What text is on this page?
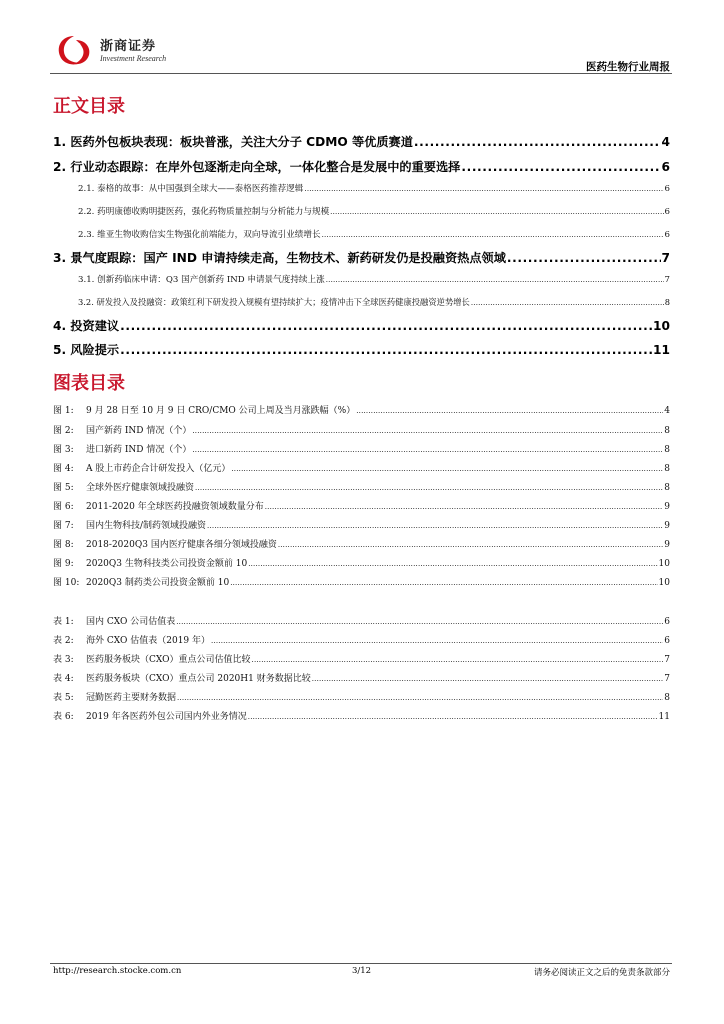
浙商证券
Investment Research
医药生物行业周报
正文目录
1. 医药外包板块表现：板块普涨，关注大分子 CDMO 等优质赛道 .....	4
2. 行业动态跟踪：在岸外包逐渐走向全球，一体化整合是发展中的重要选择 .....	6
2.1. 泰格的故事：从中国强到全球大——泰格医药推荐逻辑 .....	6
2.2. 药明康德收购明捷医药，强化药物质量控制与分析能力与规模 .....	6
2.3. 维亚生物收购信实生物强化前端能力，双向导流引业绩增长 .....	6
3. 景气度跟踪：国产 IND 申请持续走高，生物技术、新药研发仍是投融资热点领域 .....	7
3.1. 创新药临床申请：Q3 国产创新药 IND 申请景气度持续上涨 .....	7
3.2. 研发投入及投融资：政策红利下研发投入规模有望持续扩大；疫情冲击下全球医药健康投融资逆势增长 .....	8
4. 投资建议 .....	10
5. 风险提示 .....	11
图表目录
图 1: 9 月 28 日至 10 月 9 日 CRO/CMO 公司上周及当月涨跌幅（%） .....	4
图 2: 国产新药 IND 情况（个） .....	8
图 3: 进口新药 IND 情况（个） .....	8
图 4: A 股上市药企合计研发投入（亿元） .....	8
图 5: 全球外医疗健康领域投融资 .....	8
图 6: 2011-2020 年全球医药投融资领域数量分布 .....	9
图 7: 国内生物科技/制药领域投融资 .....	9
图 8: 2018-2020Q3 国内医疗健康各细分领域投融资 .....	9
图 9: 2020Q3 生物科技类公司投资金额前 10 .....	10
图 10: 2020Q3 制药类公司投资金额前 10 .....	10
表 1: 国内 CXO 公司估值表 .....	6
表 2: 海外 CXO 估值表（2019 年） .....	6
表 3: 医药服务板块（CXO）重点公司估值比较 .....	7
表 4: 医药服务板块（CXO）重点公司 2020H1 财务数据比较 .....	7
表 5: 冠勤医药主要财务数据 .....	8
表 6: 2019 年各医药外包公司国内外业务情况 .....	11
http://research.stocke.com.cn	3/12	请务必阅读正文之后的免责条款部分
